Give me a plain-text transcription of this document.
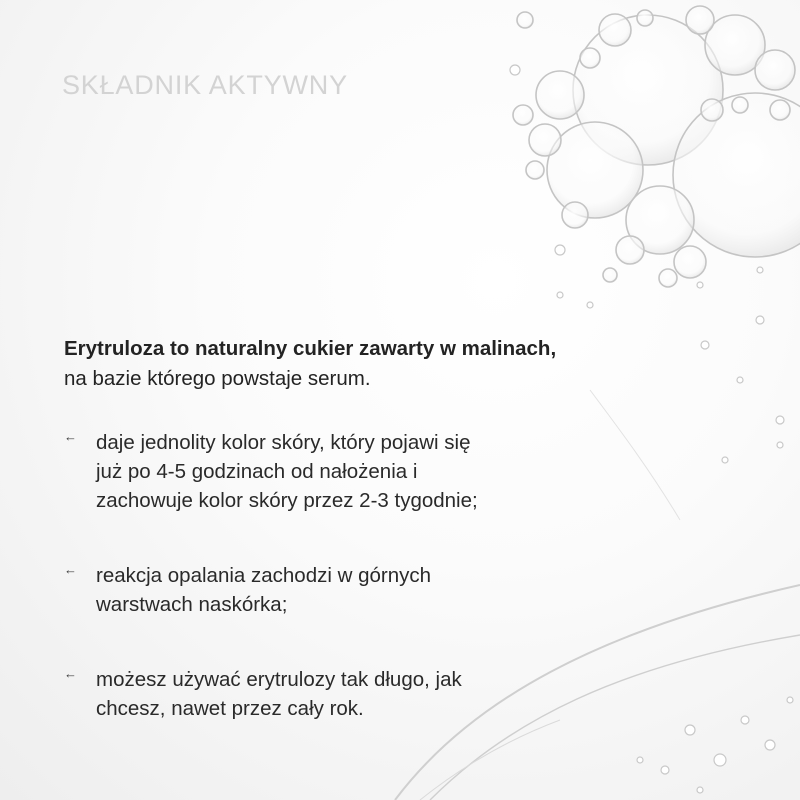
SKŁADNIK AKTYWNY
Erytruloza to naturalny cukier zawarty w malinach,
na bazie którego powstaje serum.
← daje jednolity kolor skóry, który pojawi się
już po 4-5 godzinach od nałożenia i
zachowuje kolor skóry przez 2-3 tygodnie;
← reakcja opalania zachodzi w górnych
warstwach naskórka;
← możesz używać erytrulozy tak długo, jak
chcesz, nawet przez cały rok.
